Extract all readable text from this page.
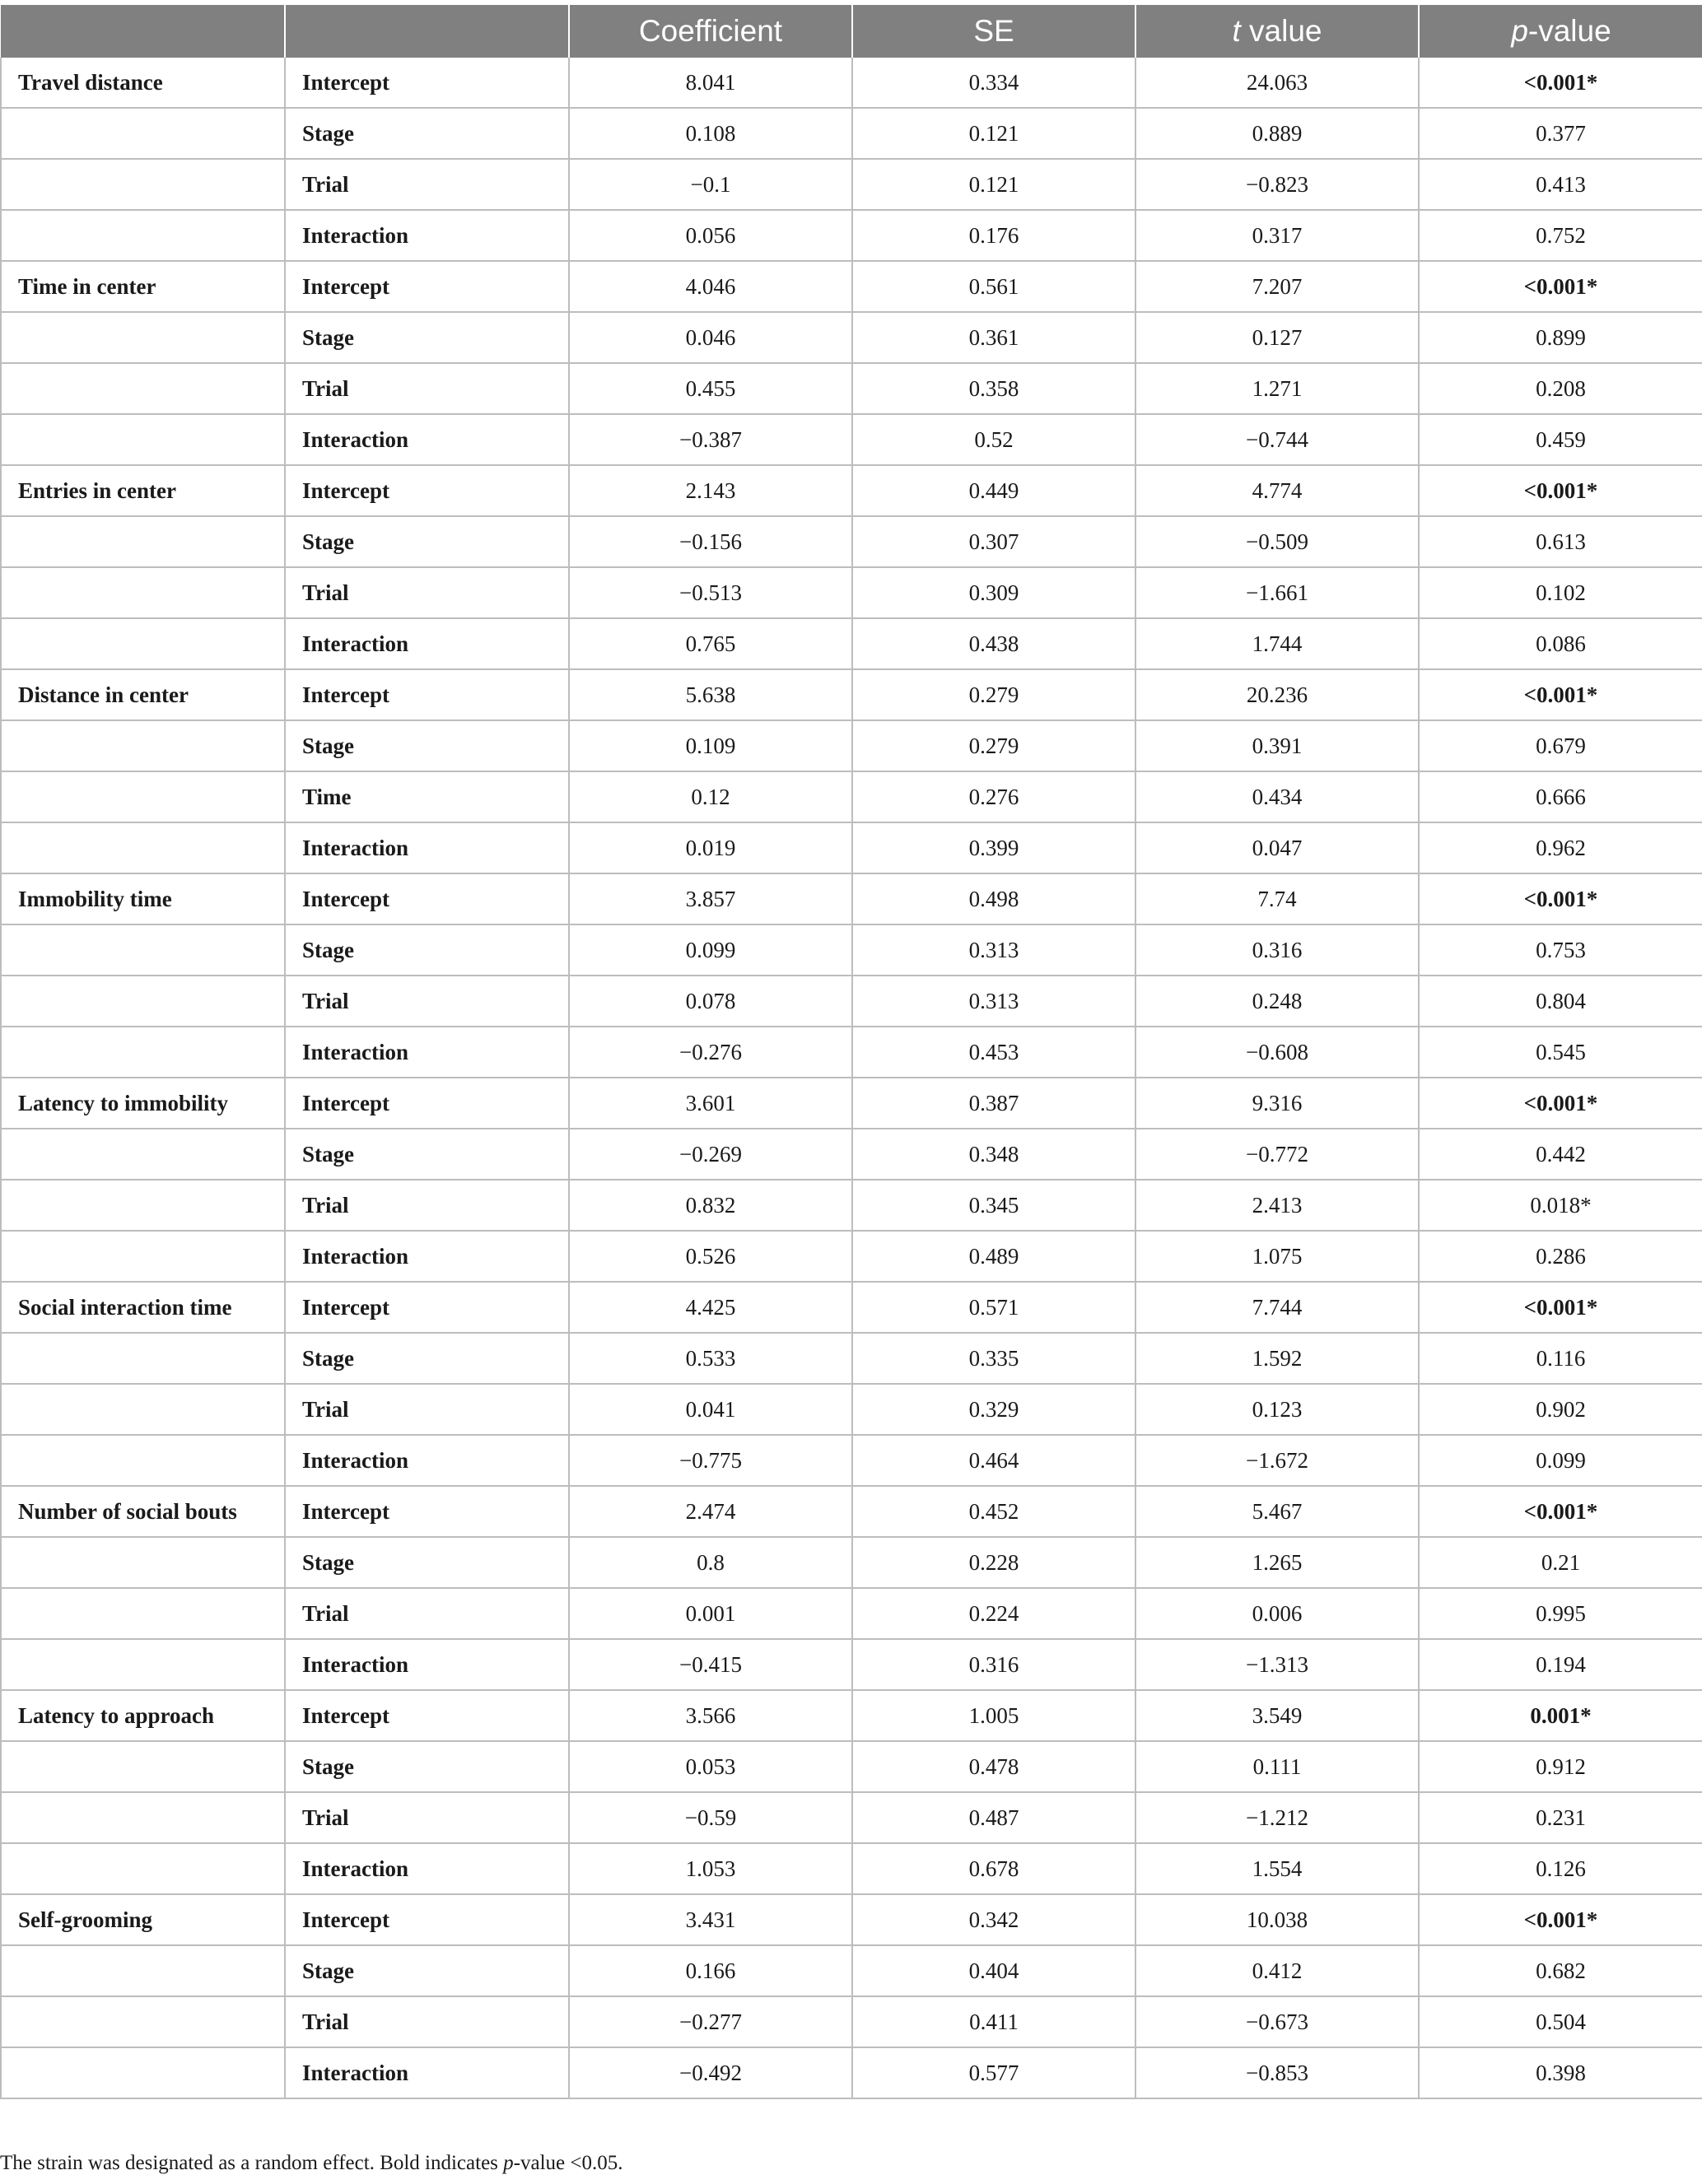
		Coefficient	SE	t value	p-value
Travel distance	Intercept	8.041	0.334	24.063	<0.001*
	Stage	0.108	0.121	0.889	0.377
	Trial	−0.1	0.121	−0.823	0.413
	Interaction	0.056	0.176	0.317	0.752
Time in center	Intercept	4.046	0.561	7.207	<0.001*
	Stage	0.046	0.361	0.127	0.899
	Trial	0.455	0.358	1.271	0.208
	Interaction	−0.387	0.52	−0.744	0.459
Entries in center	Intercept	2.143	0.449	4.774	<0.001*
	Stage	−0.156	0.307	−0.509	0.613
	Trial	−0.513	0.309	−1.661	0.102
	Interaction	0.765	0.438	1.744	0.086
Distance in center	Intercept	5.638	0.279	20.236	<0.001*
	Stage	0.109	0.279	0.391	0.679
	Time	0.12	0.276	0.434	0.666
	Interaction	0.019	0.399	0.047	0.962
Immobility time	Intercept	3.857	0.498	7.74	<0.001*
	Stage	0.099	0.313	0.316	0.753
	Trial	0.078	0.313	0.248	0.804
	Interaction	−0.276	0.453	−0.608	0.545
Latency to immobility	Intercept	3.601	0.387	9.316	<0.001*
	Stage	−0.269	0.348	−0.772	0.442
	Trial	0.832	0.345	2.413	0.018*
	Interaction	0.526	0.489	1.075	0.286
Social interaction time	Intercept	4.425	0.571	7.744	<0.001*
	Stage	0.533	0.335	1.592	0.116
	Trial	0.041	0.329	0.123	0.902
	Interaction	−0.775	0.464	−1.672	0.099
Number of social bouts	Intercept	2.474	0.452	5.467	<0.001*
	Stage	0.8	0.228	1.265	0.21
	Trial	0.001	0.224	0.006	0.995
	Interaction	−0.415	0.316	−1.313	0.194
Latency to approach	Intercept	3.566	1.005	3.549	0.001*
	Stage	0.053	0.478	0.111	0.912
	Trial	−0.59	0.487	−1.212	0.231
	Interaction	1.053	0.678	1.554	0.126
Self-grooming	Intercept	3.431	0.342	10.038	<0.001*
	Stage	0.166	0.404	0.412	0.682
	Trial	−0.277	0.411	−0.673	0.504
	Interaction	−0.492	0.577	−0.853	0.398
The strain was designated as a random effect. Bold indicates p-value <0.05.
